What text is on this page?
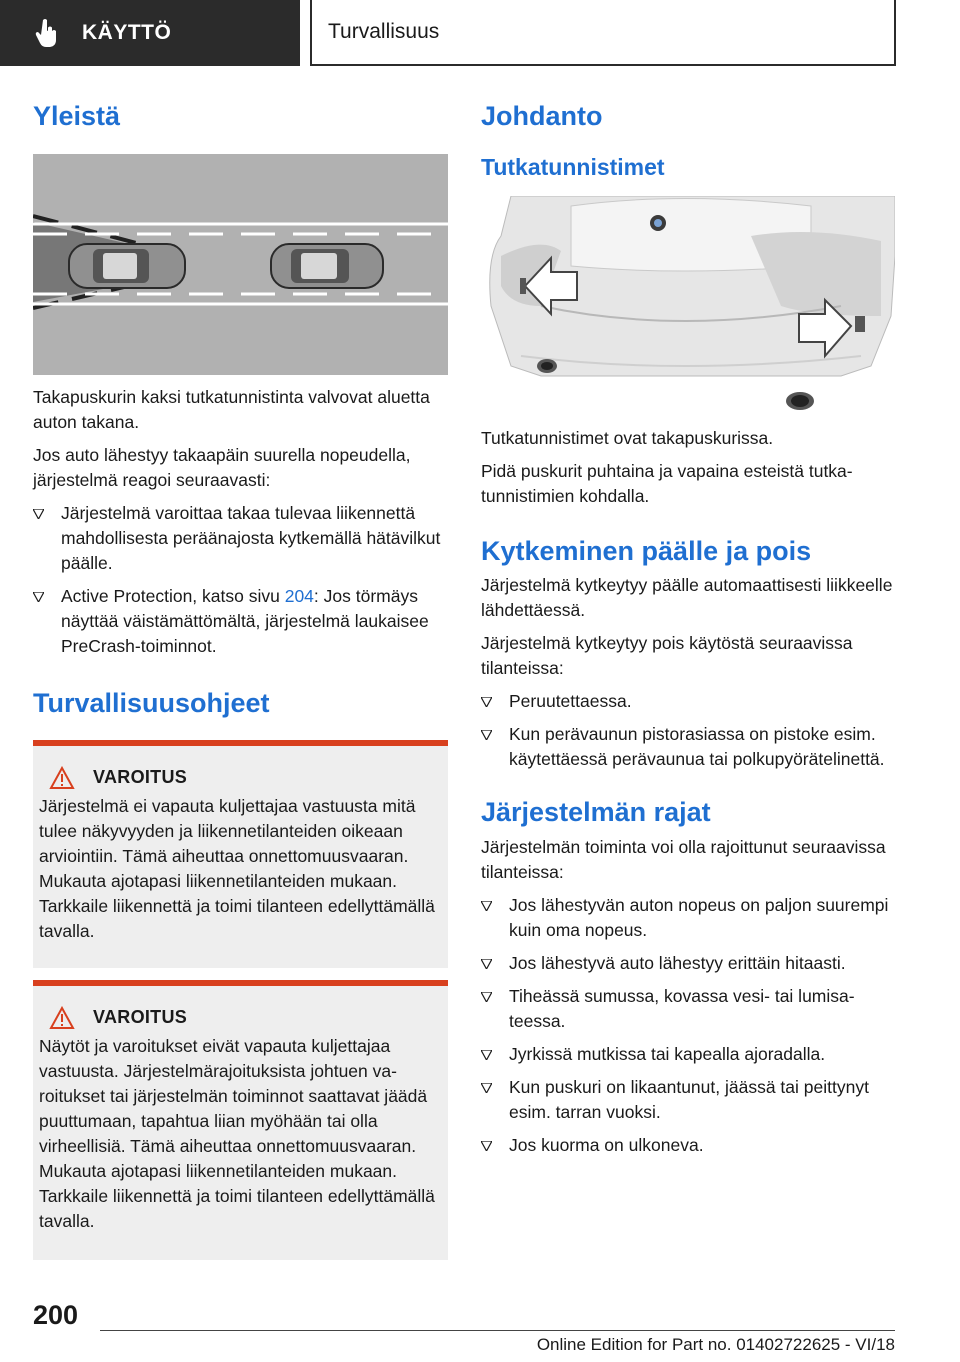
KÄYTTÖ	Turvallisuus
Yleistä

Takapuskurin kaksi tutkatunnistinta valvovat aluetta auton takana.

Jos auto lähestyy takaapäin suurella nopeudella, järjestelmä reagoi seuraavasti:

Järjestelmä varoittaa takaa tulevaa liikennettä mahdollisesta peräänajosta kytkemällä hätävilkut päälle.
Active Protection, katso sivu 204: Jos törmäys näyttää väistämättömältä, järjestelmä laukaisee PreCrash-toiminnot.
Turvallisuusohjeet
VAROITUS

Järjestelmä ei vapauta kuljettajaa vastuusta mitä tulee näkyvyyden ja liikennetilanteiden oikeaan arviointiin. Tämä aiheuttaa onnettomuusvaaran. Mukauta ajotapasi liikennetilanteiden mukaan. Tarkkaile liikennettä ja toimi tilanteen edellyttämällä tavalla.

VAROITUS

Näytöt ja varoitukset eivät vapauta kuljettajaa vastuusta. Järjestelmärajoituksista johtuen varoitukset tai järjestelmän toiminnot saattavat jäädä puuttumaan, tapahtua liian myöhään tai olla virheellisiä. Tämä aiheuttaa onnettomuusvaaran. Mukauta ajotapasi liikennetilanteiden mukaan. Tarkkaile liikennettä ja toimi tilanteen edellyttämällä tavalla.

Johdanto
Tutkatunnistimet

Tutkatunnistimet ovat takapuskurissa.

Pidä puskurit puhtaina ja vapaina esteistä tutkatunnistimien kohdalla.

Kytkeminen päälle ja pois

Järjestelmä kytkeytyy päälle automaattisesti liikkeelle lähdettäessä.

Järjestelmä kytkeytyy pois käytöstä seuraavissa tilanteissa:

Peruutettaessa.
Kun perävaunun pistorasiassa on pistoke esim. käytettäessä perävaunua tai polkupyörätelinettä.
Järjestelmän rajat

Järjestelmän toiminta voi olla rajoittunut seuraavissa tilanteissa:

Jos lähestyvän auton nopeus on paljon suurempi kuin oma nopeus.
Jos lähestyvä auto lähestyy erittäin hitaasti.
Tiheässä sumussa, kovassa vesi- tai lumisateessa.
Jyrkissä mutkissa tai kapealla ajoradalla.
Kun puskuri on likaantunut, jäässä tai peittynyt esim. tarran vuoksi.
Jos kuorma on ulkoneva.
200
Online Edition for Part no. 01402722625 - VI/18
